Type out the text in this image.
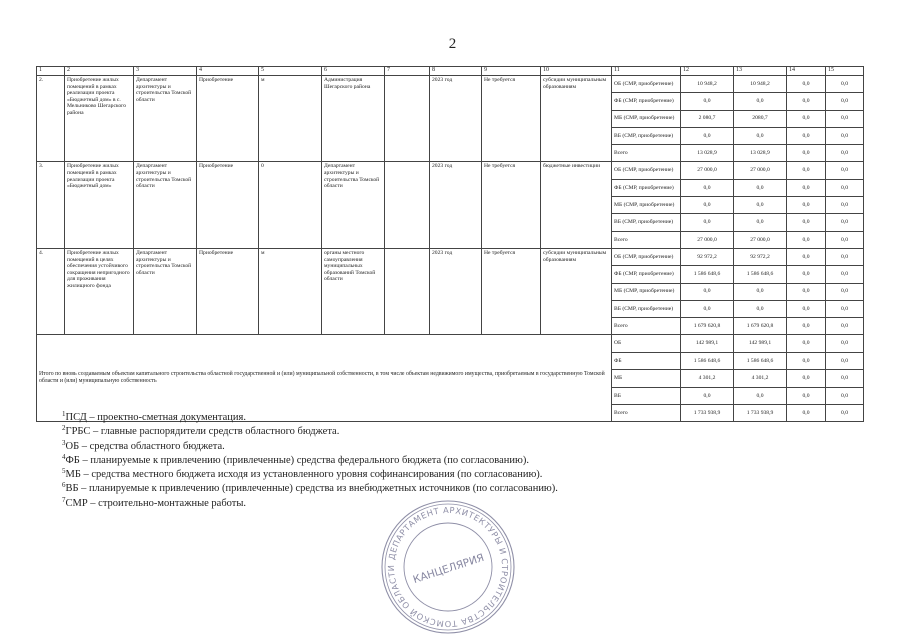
2
1	2	3	4	5	6	7	8	9	10	11	12	13	14	15
2.	Приобретение жилых помещений в рамках реализации проекта «Бюджетный дом» в с. Мельниково Шегарского района	Департамент архитектуры и строительства Томской области	Приобретение	м	Администрация Шегарского района		2023 год	Не требуется	субсидии муниципальным образованиям	ОБ (СМР, приобретение)	10 948,2	10 948,2	0,0	0,0
										ФБ (СМР, приобретение)	0,0	0,0	0,0	0,0
										МБ (СМР, приобретение)	2 080,7	2080,7	0,0	0,0
										ВБ (СМР, приобретение)	0,0	0,0	0,0	0,0
										Всего	13 028,9	13 028,9	0,0	0,0
3.	Приобретение жилых помещений в рамках реализации проекта «Бюджетный дом»	Департамент архитектуры и строительства Томской области	Приобретение	0	Департамент архитектуры и строительства Томской области		2023 год	Не требуется	бюджетные инвестиции	ОБ (СМР, приобретение)	27 000,0	27 000,0	0,0	0,0
										ФБ (СМР, приобретение)	0,0	0,0	0,0	0,0
										МБ (СМР, приобретение)	0,0	0,0	0,0	0,0
										ВБ (СМР, приобретение)	0,0	0,0	0,0	0,0
										Всего	27 000,0	27 000,0	0,0	0,0
4.	Приобретение жилых помещений в целях обеспечения устойчивого сокращения непригодного для проживания жилищного фонда	Департамент архитектуры и строительства Томской области	Приобретение	м	органы местного самоуправления муниципальных образований Томской области		2023 год	Не требуется	субсидии муниципальным образованиям	ОБ (СМР, приобретение)	92 972,2	92 972,2	0,0	0,0
										ФБ (СМР, приобретение)	1 586 648,6	1 586 648,6	0,0	0,0
										МБ (СМР, приобретение)	0,0	0,0	0,0	0,0
										ВБ (СМР, приобретение)	0,0	0,0	0,0	0,0
										Всего	1 679 620,8	1 679 620,8	0,0	0,0
Итого по вновь создаваемым объектам капитального строительства областной государственной и (или) муниципальной собственности, в том числе объектам недвижимого имущества, приобретаемым в государственную Томской области и (или) муниципальную собственность										ОБ	142 989,1	142 989,1	0,0	0,0
										ФБ	1 586 648,6	1 586 648,6	0,0	0,0
										МБ	4 301,2	4 301,2	0,0	0,0
										ВБ	0,0	0,0	0,0	0,0
										Всего	1 733 938,9	1 733 938,9	0,0	0,0
$^1$ПСД – проектно-сметная документация.
$^2$ГРБС – главные распорядители средств областного бюджета.
$^3$ОБ – средства областного бюджета.
$^4$ФБ – планируемые к привлечению (привлеченные) средства федерального бюджета (по согласованию).
$^5$МБ – средства местного бюджета исходя из установленного уровня софинансирования (по согласованию).
$^6$ВБ – планируемые к привлечению (привлеченные) средства из внебюджетных источников (по согласованию).
$^7$СМР – строительно-монтажные работы.
ДЕПАРТАМЕНТ АРХИТЕКТУРЫ И СТРОИТЕЛЬСТВА ТОМСКОЙ ОБЛАСТИ	КАНЦЕЛЯРИЯ
